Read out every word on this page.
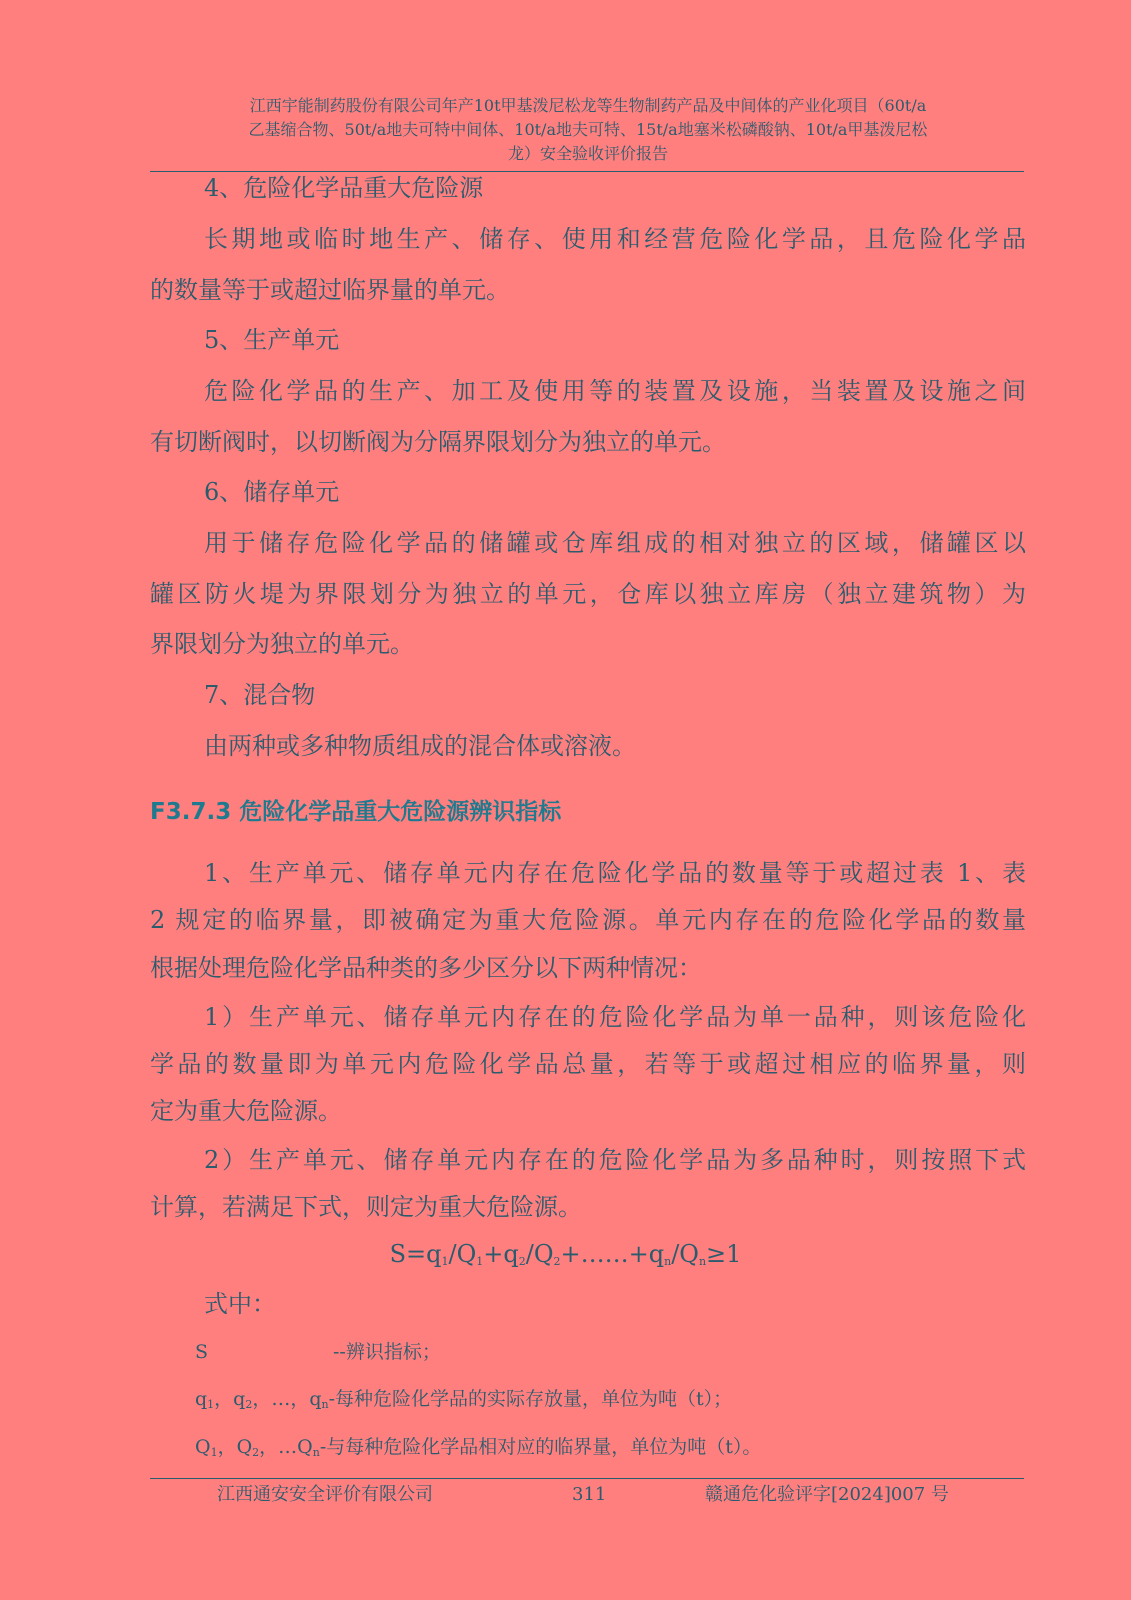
江西宇能制药股份有限公司年产10t甲基泼尼松龙等生物制药产品及中间体的产业化项目（60t/a
乙基缩合物、50t/a地夫可特中间体、10t/a地夫可特、15t/a地塞米松磷酸钠、10t/a甲基泼尼松
龙）安全验收评价报告
4、危险化学品重大危险源
长期地或临时地生产、储存、使用和经营危险化学品，且危险化学品
的数量等于或超过临界量的单元。
5、生产单元
危险化学品的生产、加工及使用等的装置及设施，当装置及设施之间
有切断阀时，以切断阀为分隔界限划分为独立的单元。
6、储存单元
用于储存危险化学品的储罐或仓库组成的相对独立的区域，储罐区以
罐区防火堤为界限划分为独立的单元，仓库以独立库房（独立建筑物）为
界限划分为独立的单元。
7、混合物
由两种或多种物质组成的混合体或溶液。
F3.7.3 危险化学品重大危险源辨识指标
1、生产单元、储存单元内存在危险化学品的数量等于或超过表 1、表
2 规定的临界量，即被确定为重大危险源。单元内存在的危险化学品的数量
根据处理危险化学品种类的多少区分以下两种情况：
1）生产单元、储存单元内存在的危险化学品为单一品种，则该危险化
学品的数量即为单元内危险化学品总量，若等于或超过相应的临界量，则
定为重大危险源。
2）生产单元、储存单元内存在的危险化学品为多品种时，则按照下式
计算，若满足下式，则定为重大危险源。
$S=q_1/Q_1+q_2/Q_2+\dots\dots+q_n/Q_n\ge 1$
式中：
S	--辨识指标；
$q_1$，$q_2$，…，$q_n-$每种危险化学品的实际存放量，单位为吨（t）；
$Q_1$，$Q_2$，$\dots Q_n-$与每种危险化学品相对应的临界量，单位为吨（t）。
江西通安安全评价有限公司	311	赣通危化验评字[2024]007 号
